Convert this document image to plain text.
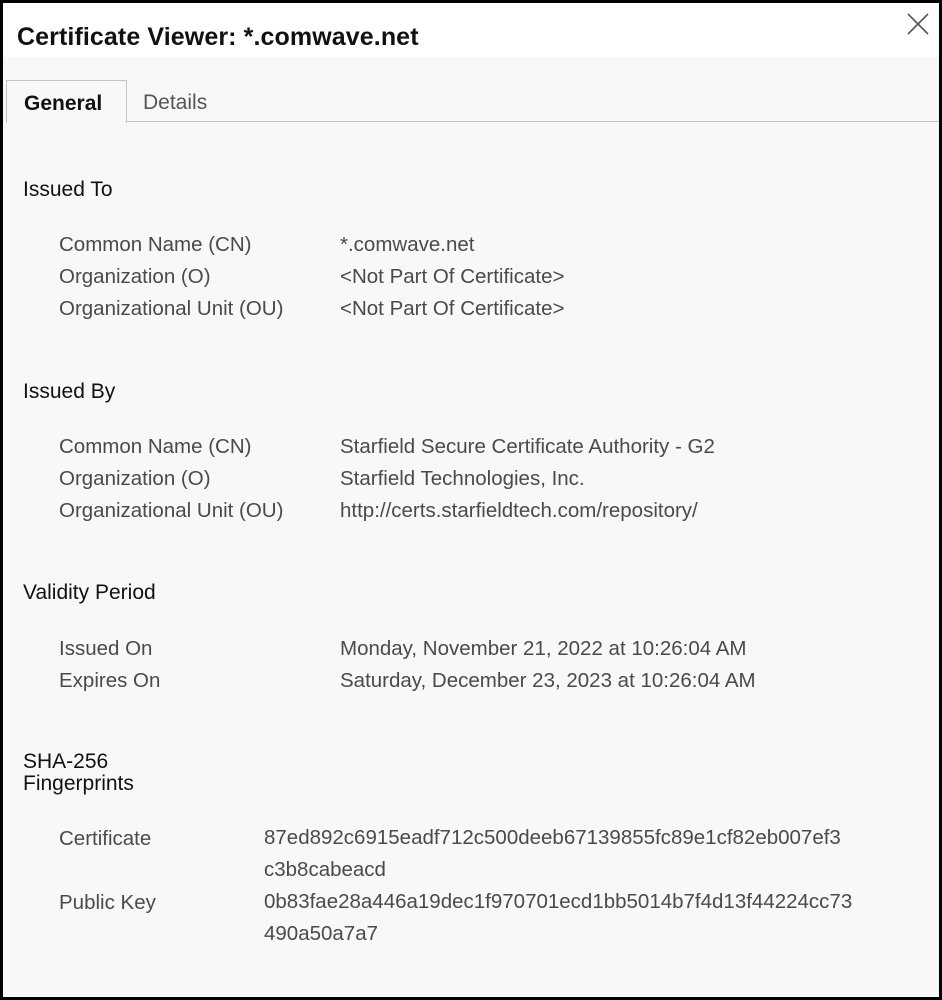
Certificate Viewer: *.comwave.net
General	Details
Issued To
Common Name (CN)	*.comwave.net
Organization (O)	<Not Part Of Certificate>
Organizational Unit (OU)	<Not Part Of Certificate>
Issued By
Common Name (CN)	Starfield Secure Certificate Authority - G2
Organization (O)	Starfield Technologies, Inc.
Organizational Unit (OU)	http://certs.starfieldtech.com/repository/
Validity Period
Issued On	Monday, November 21, 2022 at 10:26:04 AM
Expires On	Saturday, December 23, 2023 at 10:26:04 AM
SHA-256
Fingerprints
Certificate	87ed892c6915eadf712c500deeb67139855fc89e1cf82eb007ef3
c3b8cabeacd
Public Key	0b83fae28a446a19dec1f970701ecd1bb5014b7f4d13f44224cc73
490a50a7a7
